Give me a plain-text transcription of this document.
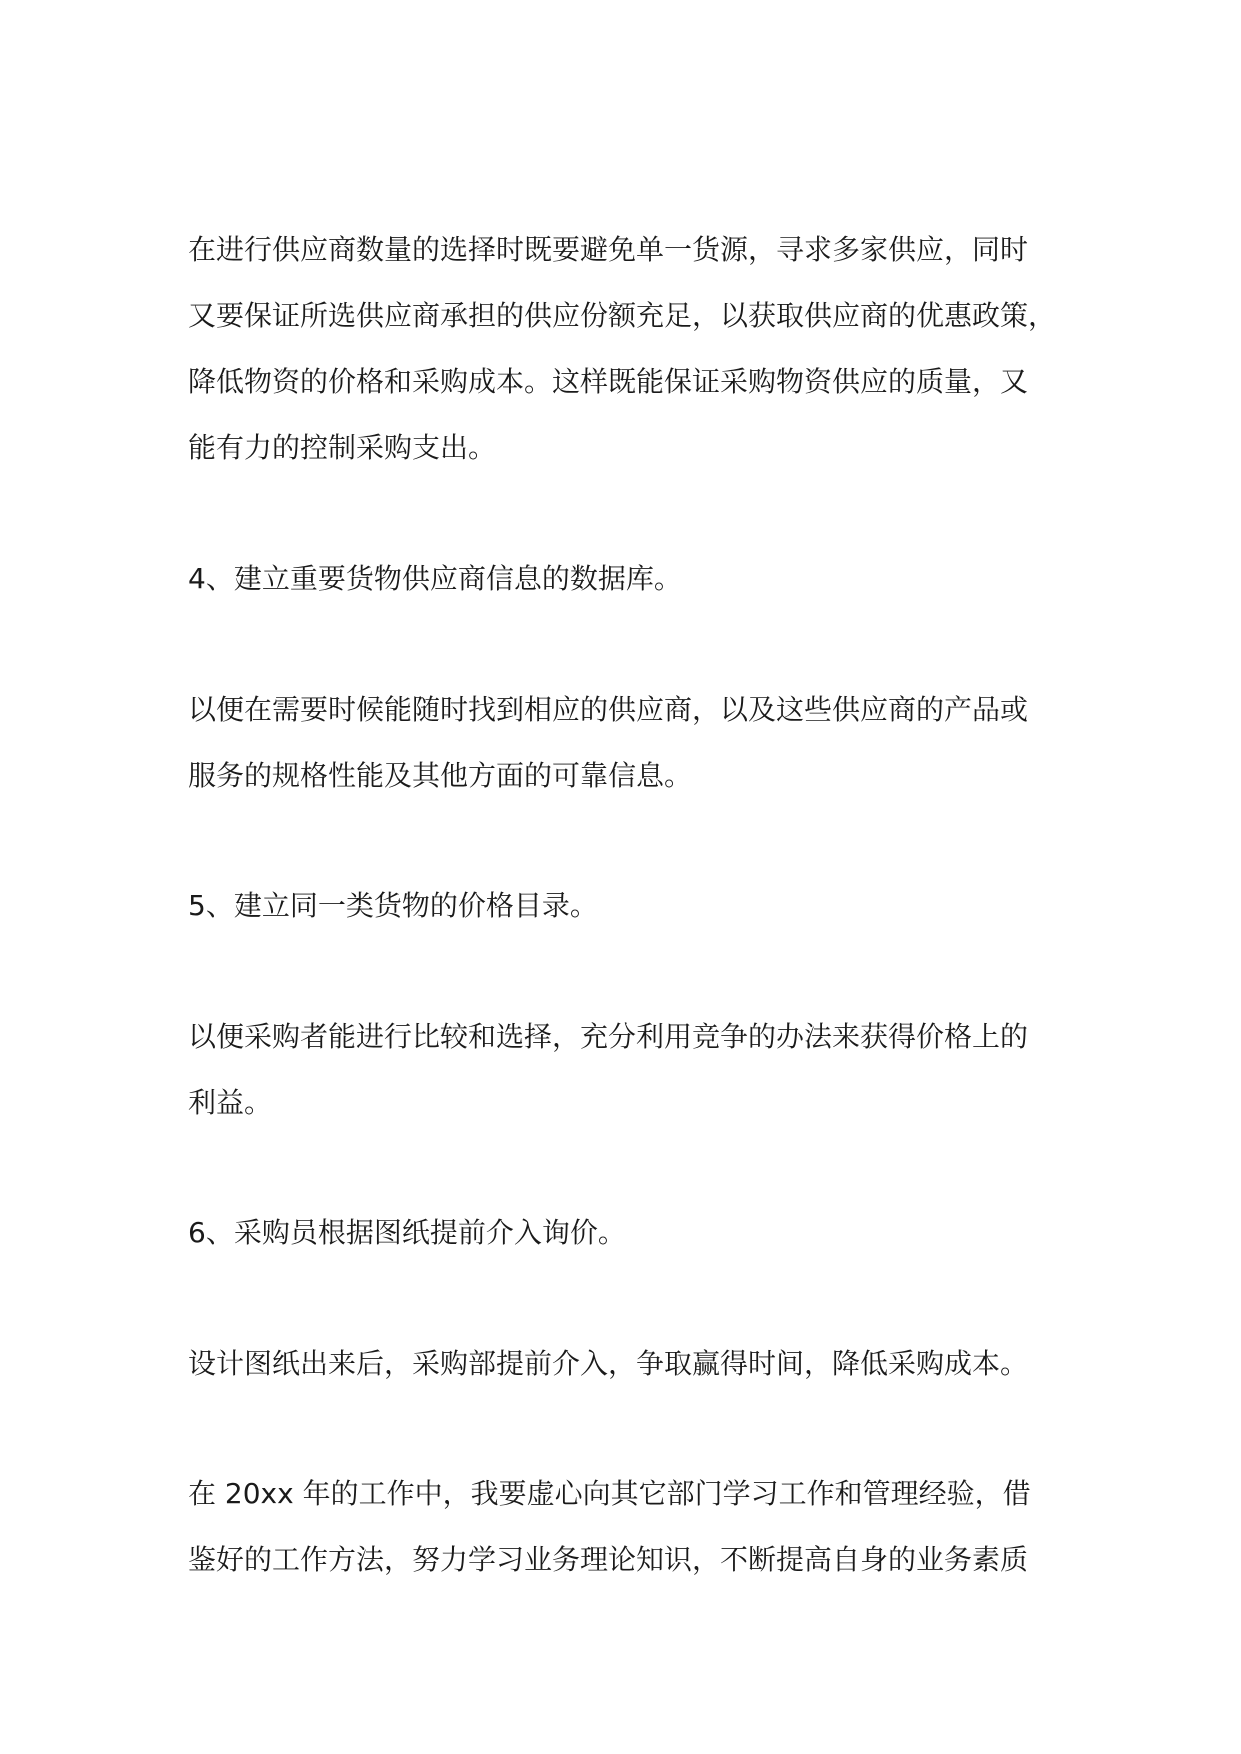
在进行供应商数量的选择时既要避免单一货源，寻求多家供应，同时
又要保证所选供应商承担的供应份额充足，以获取供应商的优惠政策，
降低物资的价格和采购成本。这样既能保证采购物资供应的质量，又
能有力的控制采购支出。
4、建立重要货物供应商信息的数据库。
以便在需要时候能随时找到相应的供应商，以及这些供应商的产品或
服务的规格性能及其他方面的可靠信息。
5、建立同一类货物的价格目录。
以便采购者能进行比较和选择，充分利用竞争的办法来获得价格上的
利益。
6、采购员根据图纸提前介入询价。
设计图纸出来后，采购部提前介入，争取赢得时间，降低采购成本。
在 20xx 年的工作中，我要虚心向其它部门学习工作和管理经验，借
鉴好的工作方法，努力学习业务理论知识，不断提高自身的业务素质
